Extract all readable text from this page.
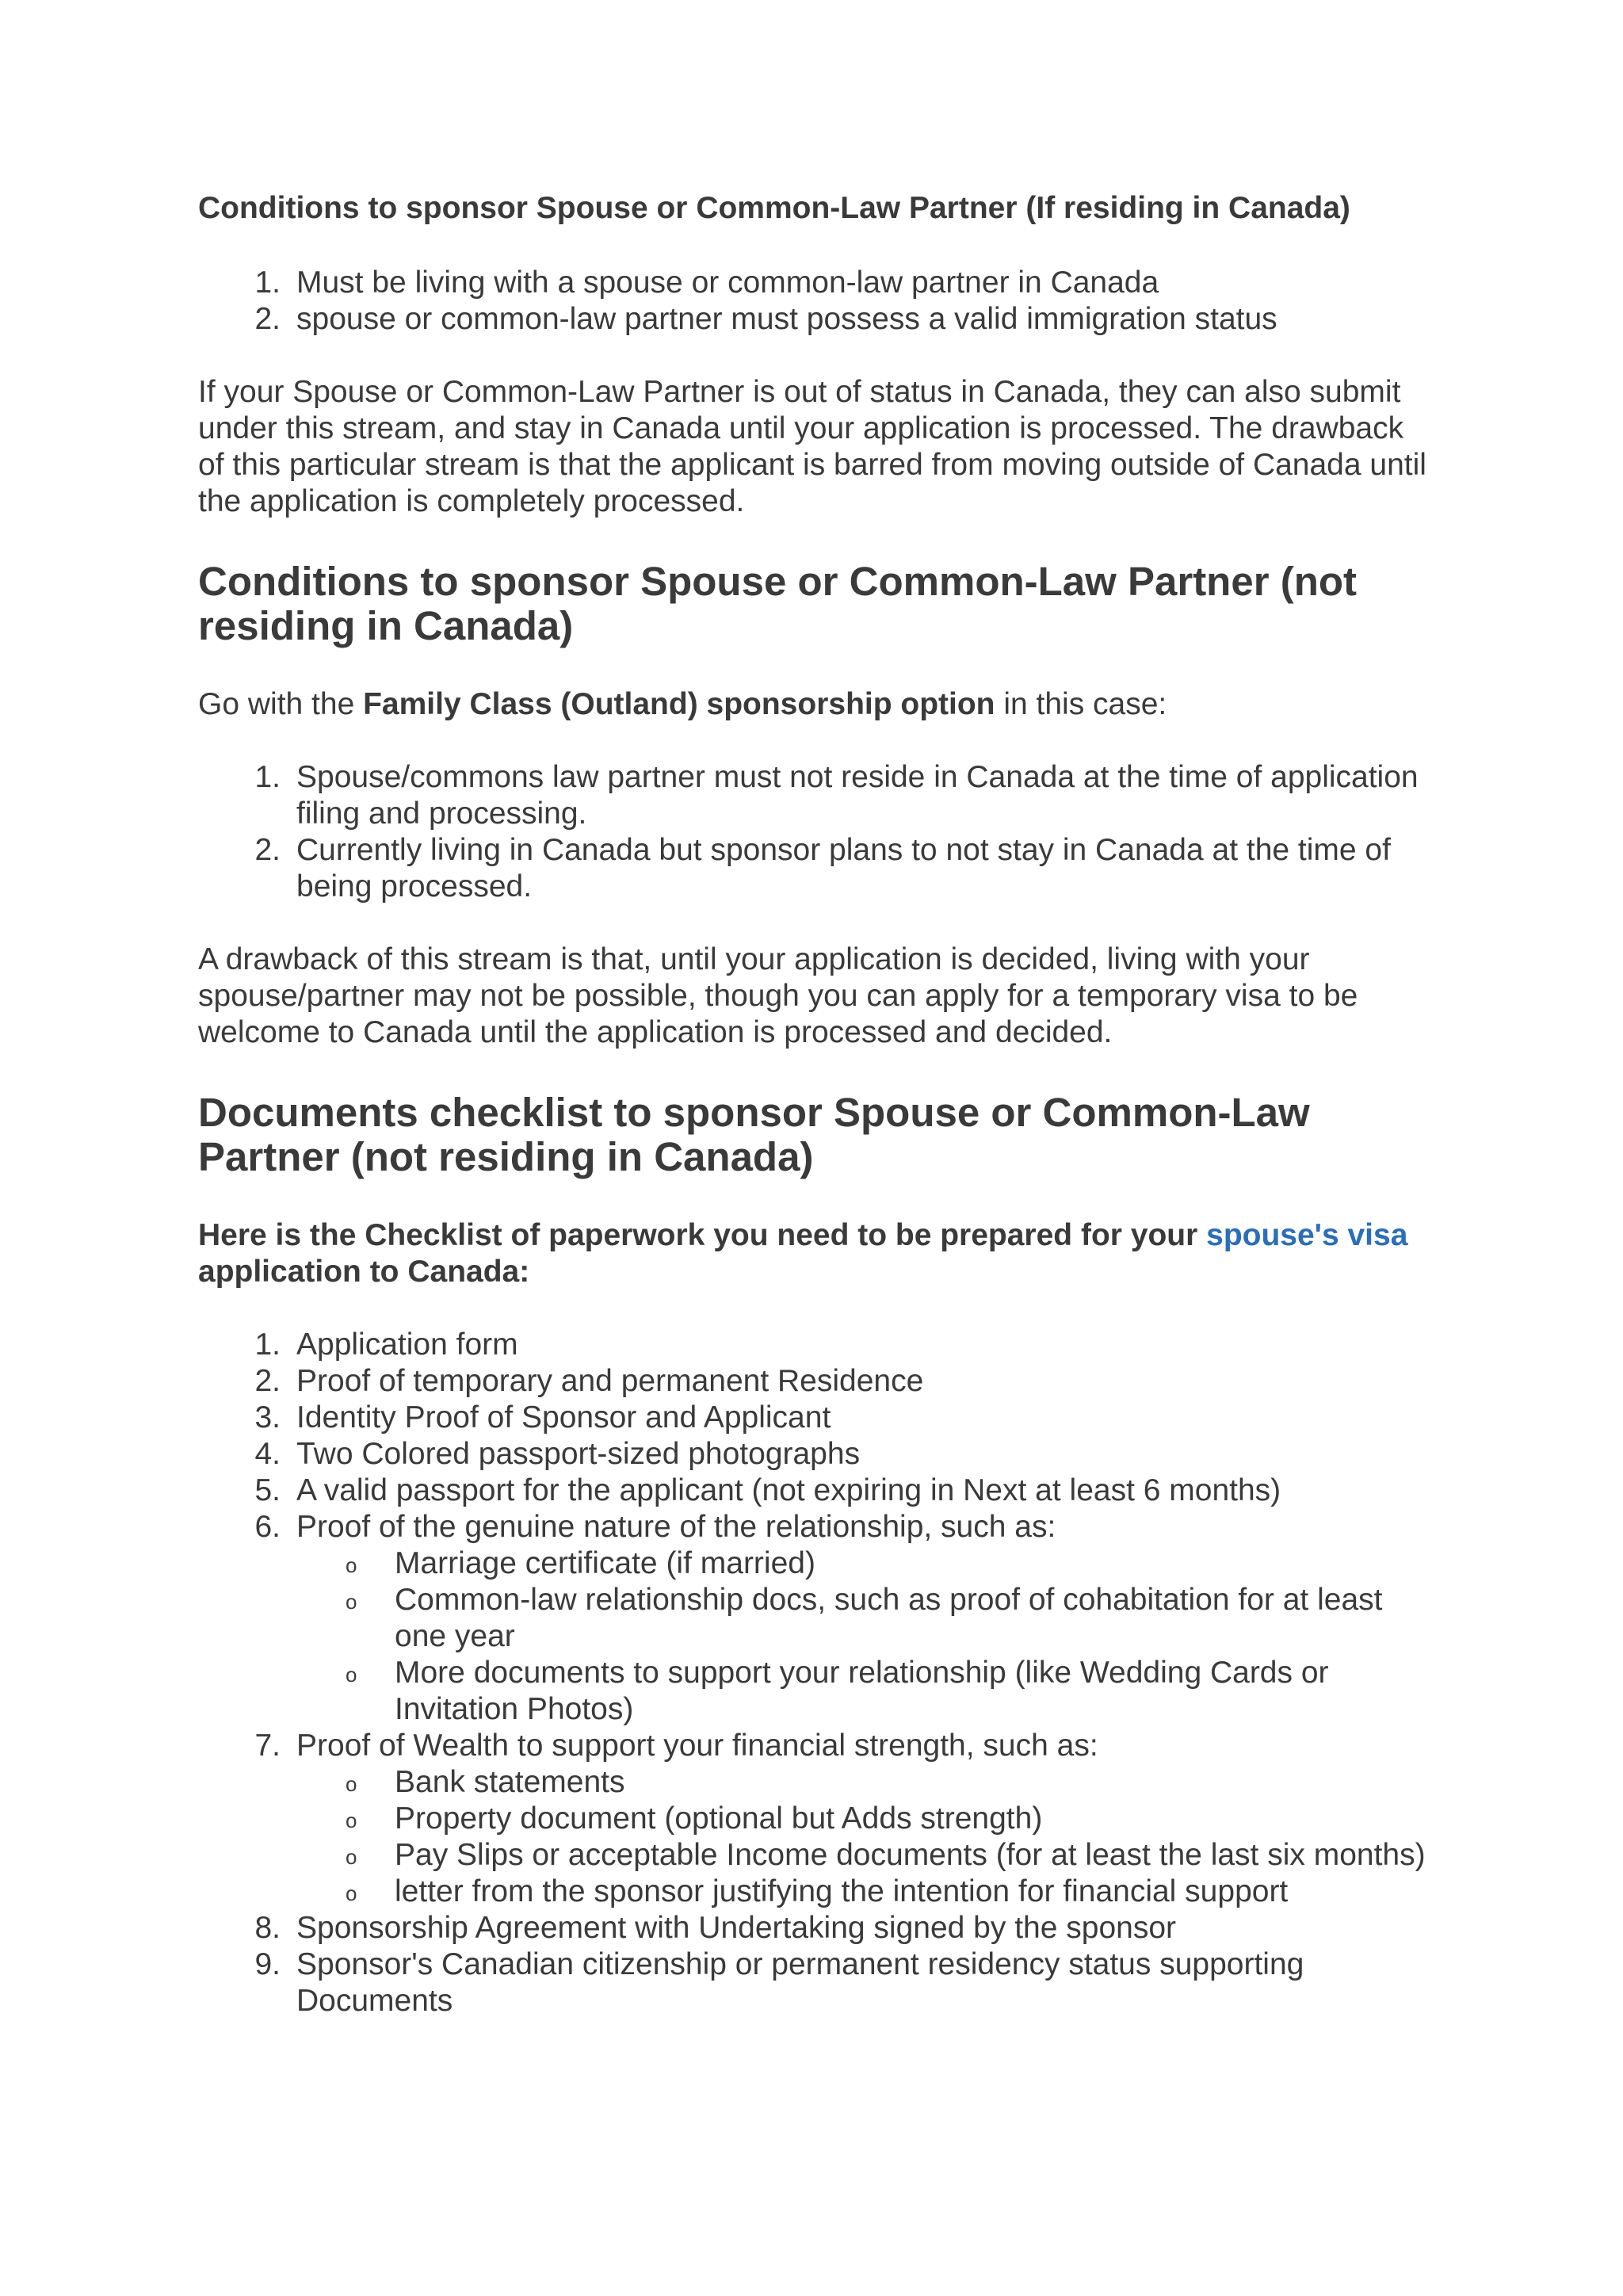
Conditions to sponsor Spouse or Common-Law Partner (If residing in Canada)

1. Must be living with a spouse or common-law partner in Canada
2. spouse or common-law partner must possess a valid immigration status

If your Spouse or Common-Law Partner is out of status in Canada, they can also submit under this stream, and stay in Canada until your application is processed. The drawback of this particular stream is that the applicant is barred from moving outside of Canada until the application is completely processed.

Conditions to sponsor Spouse or Common-Law Partner (not residing in Canada)

Go with the Family Class (Outland) sponsorship option in this case:

1. Spouse/commons law partner must not reside in Canada at the time of application filing and processing.
2. Currently living in Canada but sponsor plans to not stay in Canada at the time of being processed.

A drawback of this stream is that, until your application is decided, living with your spouse/partner may not be possible, though you can apply for a temporary visa to be welcome to Canada until the application is processed and decided.

Documents checklist to sponsor Spouse or Common-Law Partner (not residing in Canada)

Here is the Checklist of paperwork you need to be prepared for your spouse's visa application to Canada:

1. Application form
2. Proof of temporary and permanent Residence
3. Identity Proof of Sponsor and Applicant
4. Two Colored passport-sized photographs
5. A valid passport for the applicant (not expiring in Next at least 6 months)
6. Proof of the genuine nature of the relationship, such as:
o Marriage certificate (if married)
o Common-law relationship docs, such as proof of cohabitation for at least one year
o More documents to support your relationship (like Wedding Cards or Invitation Photos)
7. Proof of Wealth to support your financial strength, such as:
o Bank statements
o Property document (optional but Adds strength)
o Pay Slips or acceptable Income documents (for at least the last six months)
o letter from the sponsor justifying the intention for financial support
8. Sponsorship Agreement with Undertaking signed by the sponsor
9. Sponsor's Canadian citizenship or permanent residency status supporting Documents
